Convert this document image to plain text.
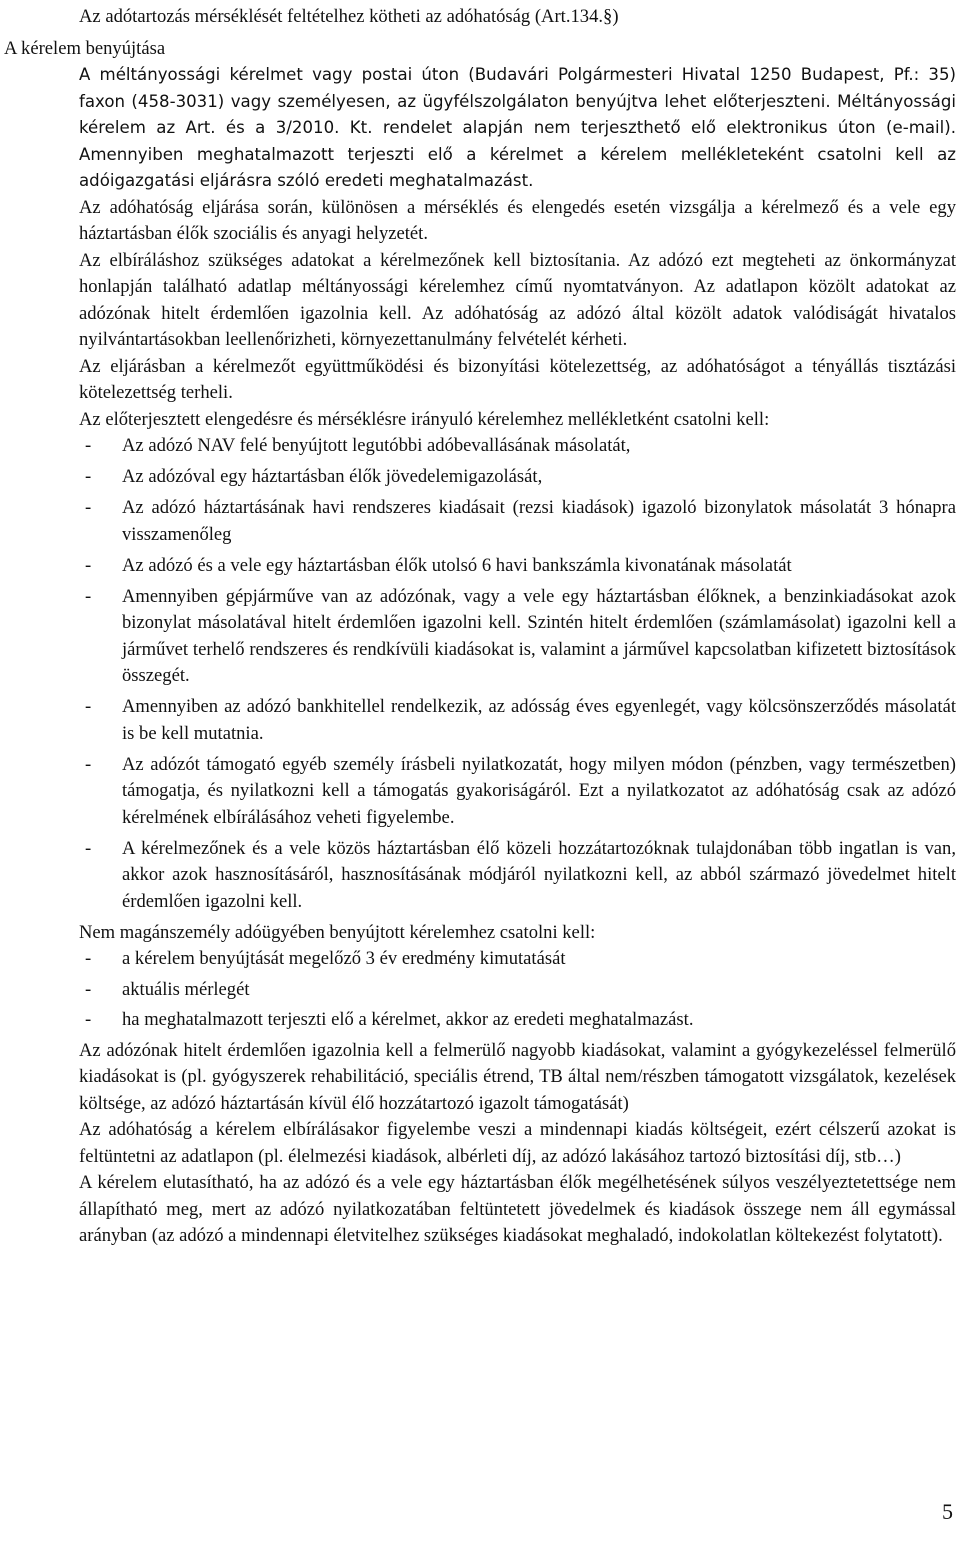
Az adótartozás mérséklését feltételhez kötheti az adóhatóság (Art.134.§)

A kérelem benyújtása

A méltányossági kérelmet vagy postai úton (Budavári Polgármesteri Hivatal 1250 Budapest, Pf.: 35) faxon (458-3031) vagy személyesen, az ügyfélszolgálaton benyújtva lehet előterjeszteni. Méltányossági kérelem az Art. és a 3/2010. Kt. rendelet alapján nem terjeszthető elő elektronikus úton (e-mail). Amennyiben meghatalmazott terjeszti elő a kérelmet a kérelem mellékleteként csatolni kell az adóigazgatási eljárásra szóló eredeti meghatalmazást.

Az adóhatóság eljárása során, különösen a mérséklés és elengedés esetén vizsgálja a kérelmező és a vele egy háztartásban élők szociális és anyagi helyzetét.

Az elbíráláshoz szükséges adatokat a kérelmezőnek kell biztosítania. Az adózó ezt megteheti az önkormányzat honlapján található adatlap méltányossági kérelemhez című nyomtatványon. Az adatlapon közölt adatokat az adózónak hitelt érdemlően igazolnia kell. Az adóhatóság az adózó által közölt adatok valódiságát hivatalos nyilvántartásokban leellenőrizheti, környezettanulmány felvételét kérheti.

Az eljárásban a kérelmezőt együttműködési és bizonyítási kötelezettség, az adóhatóságot a tényállás tisztázási kötelezettség terheli.

Az előterjesztett elengedésre és mérséklésre irányuló kérelemhez mellékletként csatolni kell:

- Az adózó NAV felé benyújtott legutóbbi adóbevallásának másolatát,
- Az adózóval egy háztartásban élők jövedelemigazolását,
- Az adózó háztartásának havi rendszeres kiadásait (rezsi kiadások) igazoló bizonylatok másolatát 3 hónapra visszamenőleg
- Az adózó és a vele egy háztartásban élők utolsó 6 havi bankszámla kivonatának másolatát
- Amennyiben gépjárműve van az adózónak, vagy a vele egy háztartásban élőknek, a benzinkiadásokat azok bizonylat másolatával hitelt érdemlően igazolni kell. Szintén hitelt érdemlően (számlamásolat) igazolni kell a járművet terhelő rendszeres és rendkívüli kiadásokat is, valamint a járművel kapcsolatban kifizetett biztosítások összegét.
- Amennyiben az adózó bankhitellel rendelkezik, az adósság éves egyenlegét, vagy kölcsönszerződés másolatát is be kell mutatnia.
- Az adózót támogató egyéb személy írásbeli nyilatkozatát, hogy milyen módon (pénzben, vagy természetben) támogatja, és nyilatkozni kell a támogatás gyakoriságáról. Ezt a nyilatkozatot az adóhatóság csak az adózó kérelmének elbírálásához veheti figyelembe.
- A kérelmezőnek és a vele közös háztartásban élő közeli hozzátartozóknak tulajdonában több ingatlan is van, akkor azok hasznosításáról, hasznosításának módjáról nyilatkozni kell, az abból származó jövedelmet hitelt érdemlően igazolni kell.

Nem magánszemély adóügyében benyújtott kérelemhez csatolni kell:

- a kérelem benyújtását megelőző 3 év eredmény kimutatását
- aktuális mérlegét
- ha meghatalmazott terjeszti elő a kérelmet, akkor az eredeti meghatalmazást.

Az adózónak hitelt érdemlően igazolnia kell a felmerülő nagyobb kiadásokat, valamint a gyógykezeléssel felmerülő kiadásokat is (pl. gyógyszerek rehabilitáció, speciális étrend, TB által nem/részben támogatott vizsgálatok, kezelések költsége, az adózó háztartásán kívül élő hozzátartozó igazolt támogatását)

Az adóhatóság a kérelem elbírálásakor figyelembe veszi a mindennapi kiadás költségeit, ezért célszerű azokat is feltüntetni az adatlapon (pl. élelmezési kiadások, albérleti díj, az adózó lakásához tartozó biztosítási díj, stb…)

A kérelem elutasítható, ha az adózó és a vele egy háztartásban élők megélhetésének súlyos veszélyeztetettsége nem állapítható meg, mert az adózó nyilatkozatában feltüntetett jövedelmek és kiadások összege nem áll egymással arányban (az adózó a mindennapi életvitelhez szükséges kiadásokat meghaladó, indokolatlan költekezést folytatott).

5
